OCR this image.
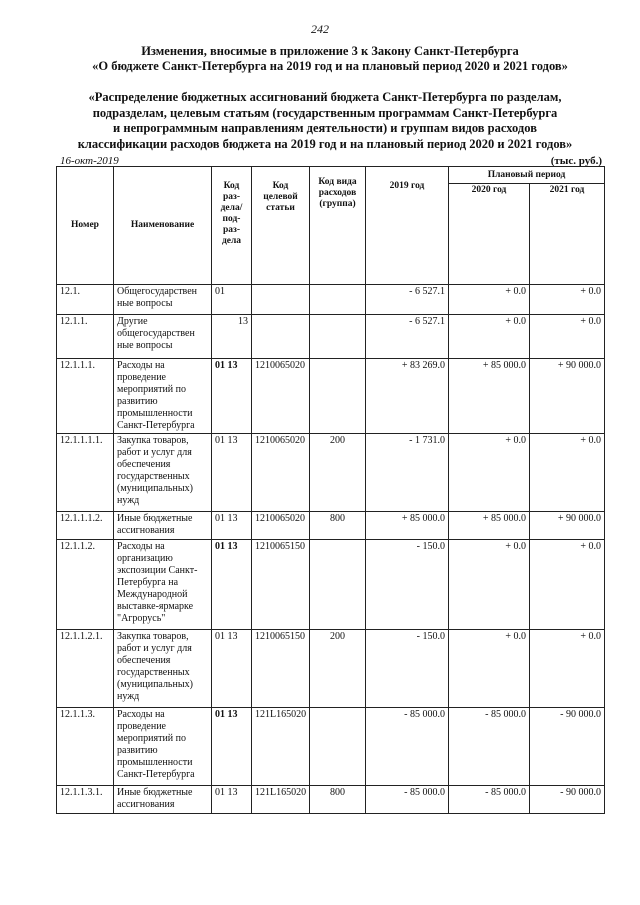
242
Изменения, вносимые в приложение 3 к Закону Санкт-Петербурга
«О бюджете Санкт-Петербурга на 2019 год и на плановый период 2020 и 2021 годов»
«Распределение бюджетных ассигнований бюджета Санкт-Петербурга по разделам,
подразделам, целевым статьям (государственным программам Санкт-Петербурга
и непрограммным направлениям деятельности) и группам видов расходов
классификации расходов бюджета на 2019 год и на плановый период 2020 и 2021 годов»
16-окт-2019	(тыс. руб.)
Номер	Наименование	Код раз-дела/ под-раз-дела	Код целевой статьи	Код вида расходов (группа)	2019 год	Плановый период	
						2020 год	2021 год
12.1.	Общегосударствен ные вопросы	01			- 6 527.1	+ 0.0	+ 0.0
12.1.1.	Другие общегосударствен ные вопросы	13			- 6 527.1	+ 0.0	+ 0.0
12.1.1.1.	Расходы на проведение мероприятий по развитию промышленности Санкт-Петербурга	01 13	1210065020		+ 83 269.0	+ 85 000.0	+ 90 000.0
12.1.1.1.1.	Закупка товаров, работ и услуг для обеспечения государственных (муниципальных) нужд	01 13	1210065020	200	- 1 731.0	+ 0.0	+ 0.0
12.1.1.1.2.	Иные бюджетные ассигнования	01 13	1210065020	800	+ 85 000.0	+ 85 000.0	+ 90 000.0
12.1.1.2.	Расходы на организацию экспозиции Санкт-Петербурга на Международной выставке-ярмарке "Агрорусь"	01 13	1210065150		- 150.0	+ 0.0	+ 0.0
12.1.1.2.1.	Закупка товаров, работ и услуг для обеспечения государственных (муниципальных) нужд	01 13	1210065150	200	- 150.0	+ 0.0	+ 0.0
12.1.1.3.	Расходы на проведение мероприятий по развитию промышленности Санкт-Петербурга	01 13	121L165020		- 85 000.0	- 85 000.0	- 90 000.0
12.1.1.3.1.	Иные бюджетные ассигнования	01 13	121L165020	800	- 85 000.0	- 85 000.0	- 90 000.0
